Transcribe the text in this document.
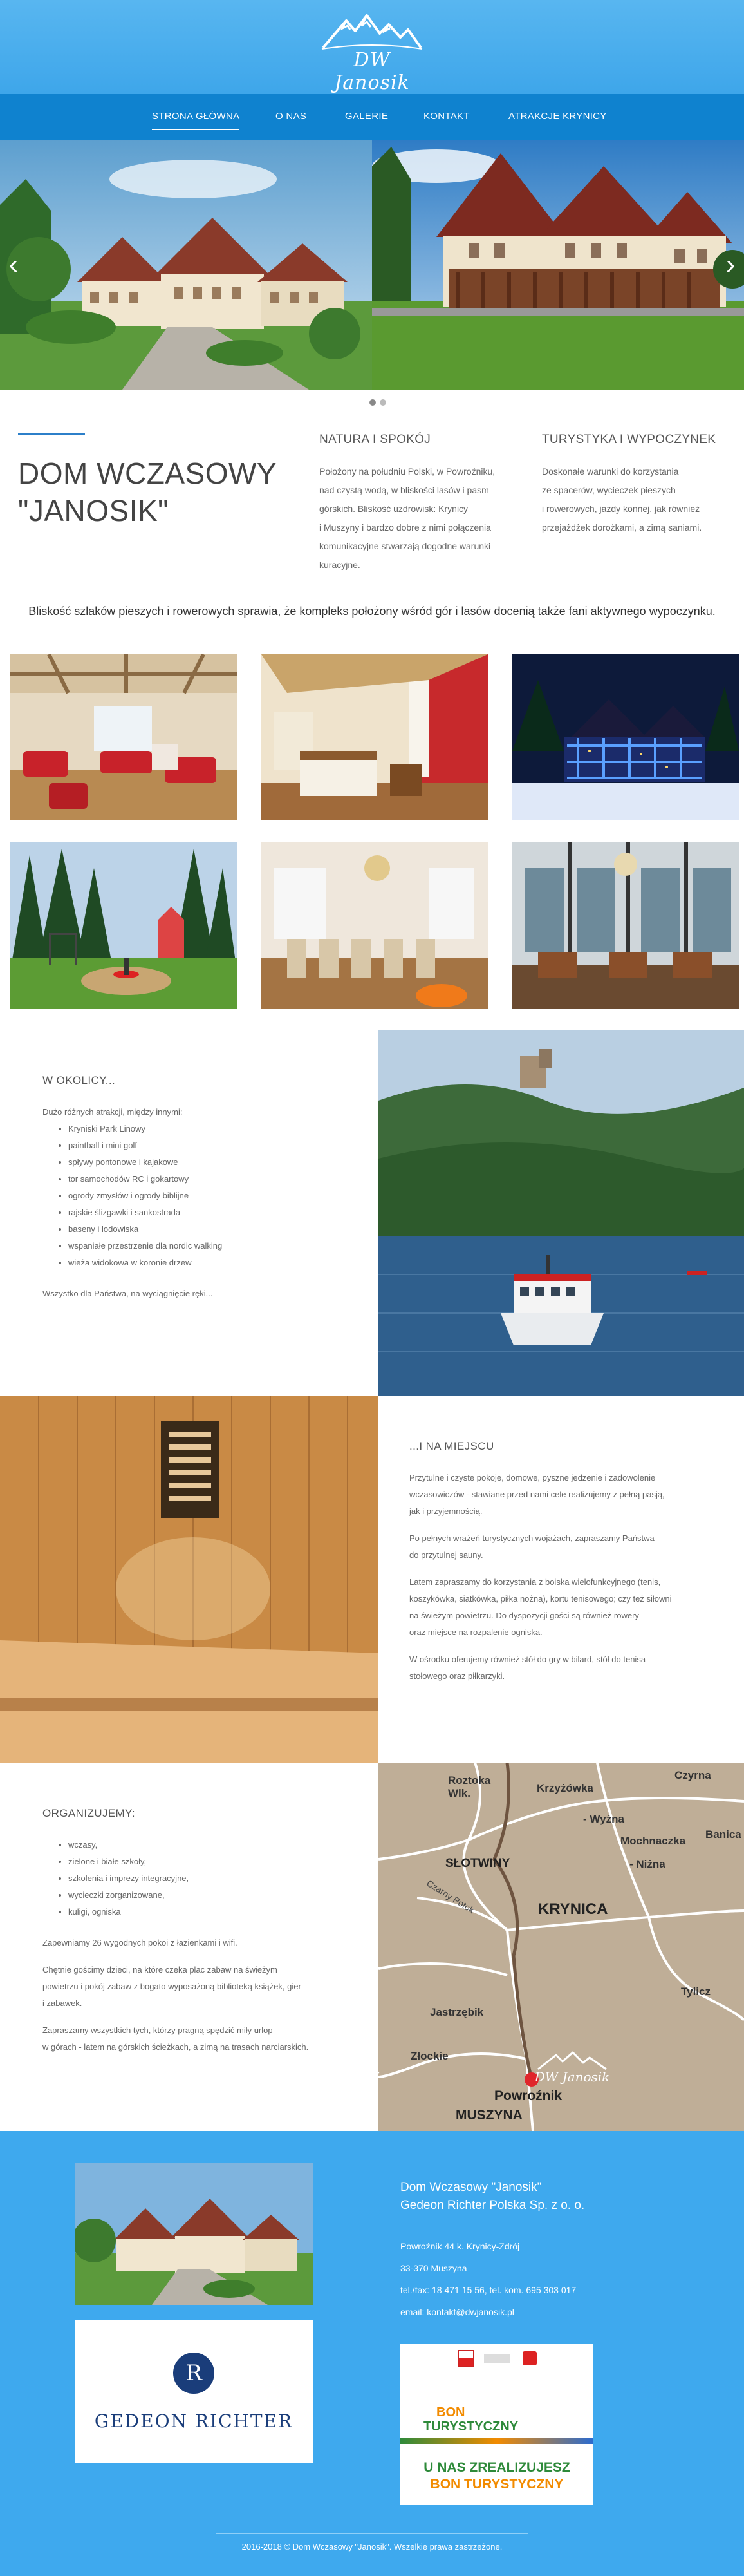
DW Janosik
STRONA GŁÓWNA	O NAS	GALERIE	KONTAKT	ATRAKCJE KRYNICY
‹	›
DOM WCZASOWY
"JANOSIK"
NATURA I SPOKÓJ

Położony na południu Polski, w Powroźniku,
nad czystą wodą, w bliskości lasów i pasm
górskich. Bliskość uzdrowisk: Krynicy
i Muszyny i bardzo dobre z nimi połączenia
komunikacyjne stwarzają dogodne warunki
kuracyjne.

TURYSTYKA I WYPOCZYNEK

Doskonałe warunki do korzystania
ze spacerów, wycieczek pieszych
i rowerowych, jazdy konnej, jak również
przejażdżek dorożkami, a zimą saniami.

Bliskość szlaków pieszych i rowerowych sprawia, że kompleks położony wśród gór i lasów docenią także fani aktywnego wypoczynku.
W OKOLICY...

Dużo różnych atrakcji, między innymi:

• Kryniski Park Linowy
• paintball i mini golf
• spływy pontonowe i kajakowe
• tor samochodów RC i gokartowy
• ogrody zmysłów i ogrody biblijne
• rajskie ślizgawki i sankostrada
• baseny i lodowiska
• wspaniałe przestrzenie dla nordic walking
• wieża widokowa w koronie drzew

Wszystko dla Państwa, na wyciągnięcie ręki...

...I NA MIEJSCU

Przytulne i czyste pokoje, domowe, pyszne jedzenie i zadowolenie
wczasowiczów - stawiane przed nami cele realizujemy z pełną pasją,
jak i przyjemnością.

Po pełnych wrażeń turystycznych wojażach, zapraszamy Państwa
do przytulnej sauny.

Latem zapraszamy do korzystania z boiska wielofunkcyjnego (tenis,
koszykówka, siatkówka, piłka nożna), kortu tenisowego; czy też siłowni
na świeżym powietrzu. Do dyspozycji gości są również rowery
oraz miejsce na rozpalenie ogniska.

W ośrodku oferujemy również stół do gry w bilard, stół do tenisa
stołowego oraz piłkarzyki.

ORGANIZUJEMY:
• wczasy,
• zielone i białe szkoły,
• szkolenia i imprezy integracyjne,
• wycieczki zorganizowane,
• kuligi, ogniska

Zapewniamy 26 wygodnych pokoi z łazienkami i wifi.

Chętnie gościmy dzieci, na które czeka plac zabaw na świeżym
powietrzu i pokój zabaw z bogato wyposażoną biblioteką książek, gier
i zabawek.

Zapraszamy wszystkich tych, którzy pragną spędzić miły urlop
w górach - latem na górskich ścieżkach, a zimą na trasach narciarskich.

Roztoka Wlk.	Krzyżówka
Czyrna
- Wyżna
Mochnaczka
Banica
SŁOTWINY	- Niżna
Czarny Potok	KRYNICA
Tylicz
Jastrzębik
Złockie
Powroźnik
MUSZYNA
DW Janosik
R
GEDEON RICHTER
Dom Wczasowy "Janosik"
Gedeon Richter Polska Sp. z o. o.
Powroźnik 44 k. Krynicy-Zdrój
33-370 Muszyna
tel./fax: 18 471 15 56, tel. kom. 695 303 017
email: kontakt@dwjanosik.pl
BON
TURYSTYCZNY
U NAS ZREALIZUJESZ
BON TURYSTYCZNY
2016-2018 © Dom Wczasowy "Janosik". Wszelkie prawa zastrzeżone.
